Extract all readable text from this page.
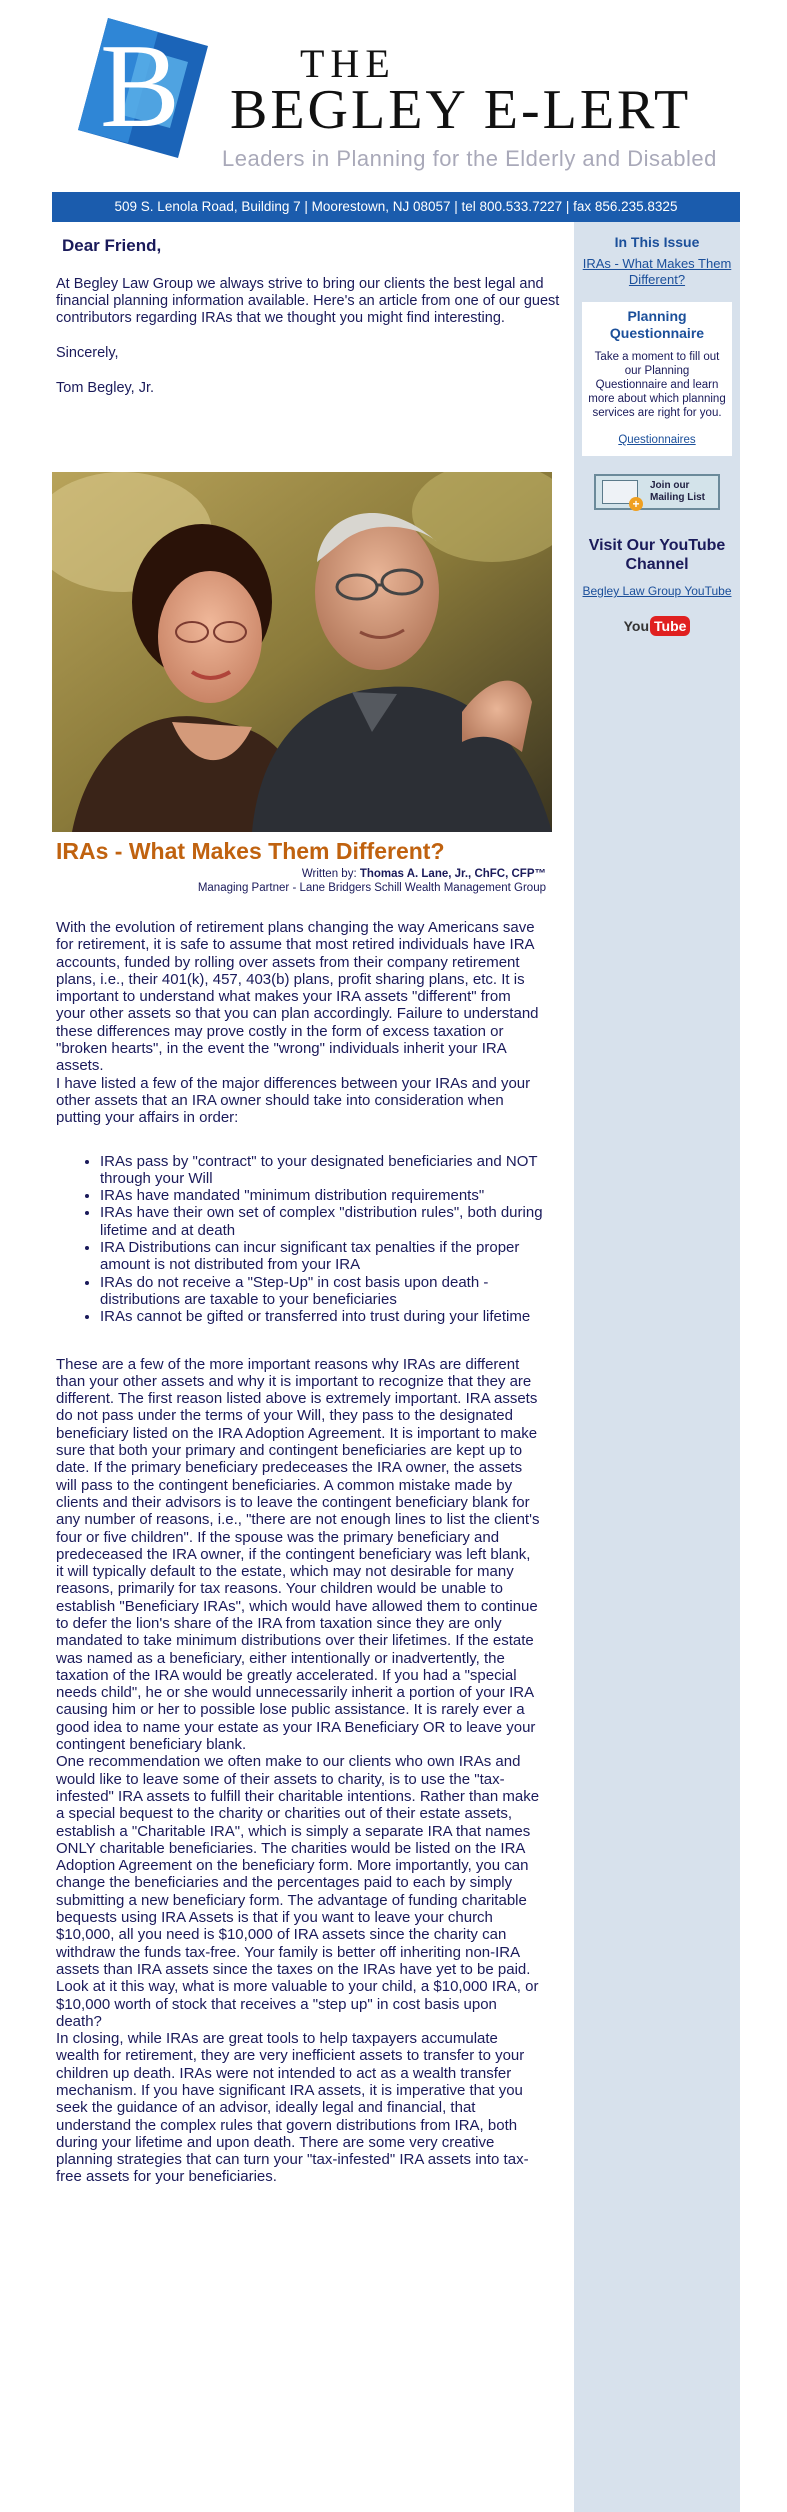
B	THE
BEGLEY E-LERT
Leaders in Planning for the Elderly and Disabled
509 S. Lenola Road, Building 7 | Moorestown, NJ 08057 | tel 800.533.7227 | fax 856.235.8325
In This Issue
IRAs - What Makes Them Different?
Planning Questionnaire
Take a moment to fill out our Planning Questionnaire and learn more about which planning services are right for you.
Questionnaires
+
Join our
Mailing List
Visit Our YouTube Channel
Begley Law Group YouTube
You Tube
Dear Friend,
At Begley Law Group we always strive to bring our clients the best legal and financial planning information available. Here's an article from one of our guest contributors regarding IRAs that we thought you might find interesting.
Sincerely,
Tom Begley, Jr.
IRAs - What Makes Them Different?
Written by: Thomas A. Lane, Jr., ChFC, CFP™
Managing Partner - Lane Bridgers Schill Wealth Management Group
With the evolution of retirement plans changing the way Americans save for retirement, it is safe to assume that most retired individuals have IRA accounts, funded by rolling over assets from their company retirement plans, i.e., their 401(k), 457, 403(b) plans, profit sharing plans, etc. It is important to understand what makes your IRA assets "different" from your other assets so that you can plan accordingly. Failure to understand these differences may prove costly in the form of excess taxation or "broken hearts", in the event the "wrong" individuals inherit your IRA assets.
I have listed a few of the major differences between your IRAs and your other assets that an IRA owner should take into consideration when putting your affairs in order:
• IRAs pass by "contract" to your designated beneficiaries and NOT through your Will
• IRAs have mandated "minimum distribution requirements"
• IRAs have their own set of complex "distribution rules", both during lifetime and at death
• IRA Distributions can incur significant tax penalties if the proper amount is not distributed from your IRA
• IRAs do not receive a "Step-Up" in cost basis upon death - distributions are taxable to your beneficiaries
• IRAs cannot be gifted or transferred into trust during your lifetime
These are a few of the more important reasons why IRAs are different than your other assets and why it is important to recognize that they are different. The first reason listed above is extremely important. IRA assets do not pass under the terms of your Will, they pass to the designated beneficiary listed on the IRA Adoption Agreement. It is important to make sure that both your primary and contingent beneficiaries are kept up to date. If the primary beneficiary predeceases the IRA owner, the assets will pass to the contingent beneficiaries. A common mistake made by clients and their advisors is to leave the contingent beneficiary blank for any number of reasons, i.e., "there are not enough lines to list the client's four or five children". If the spouse was the primary beneficiary and predeceased the IRA owner, if the contingent beneficiary was left blank, it will typically default to the estate, which may not desirable for many reasons, primarily for tax reasons. Your children would be unable to establish "Beneficiary IRAs", which would have allowed them to continue to defer the lion's share of the IRA from taxation since they are only mandated to take minimum distributions over their lifetimes. If the estate was named as a beneficiary, either intentionally or inadvertently, the taxation of the IRA would be greatly accelerated. If you had a "special needs child", he or she would unnecessarily inherit a portion of your IRA causing him or her to possible lose public assistance. It is rarely ever a good idea to name your estate as your IRA Beneficiary OR to leave your contingent beneficiary blank.
One recommendation we often make to our clients who own IRAs and would like to leave some of their assets to charity, is to use the "tax-infested" IRA assets to fulfill their charitable intentions. Rather than make a special bequest to the charity or charities out of their estate assets, establish a "Charitable IRA", which is simply a separate IRA that names ONLY charitable beneficiaries. The charities would be listed on the IRA Adoption Agreement on the beneficiary form. More importantly, you can change the beneficiaries and the percentages paid to each by simply submitting a new beneficiary form. The advantage of funding charitable bequests using IRA Assets is that if you want to leave your church $10,000, all you need is $10,000 of IRA assets since the charity can withdraw the funds tax-free. Your family is better off inheriting non-IRA assets than IRA assets since the taxes on the IRAs have yet to be paid. Look at it this way, what is more valuable to your child, a $10,000 IRA, or $10,000 worth of stock that receives a "step up" in cost basis upon death?
In closing, while IRAs are great tools to help taxpayers accumulate wealth for retirement, they are very inefficient assets to transfer to your children up death. IRAs were not intended to act as a wealth transfer mechanism. If you have significant IRA assets, it is imperative that you seek the guidance of an advisor, ideally legal and financial, that understand the complex rules that govern distributions from IRA, both during your lifetime and upon death. There are some very creative planning strategies that can turn your "tax-infested" IRA assets into tax-free assets for your beneficiaries.
